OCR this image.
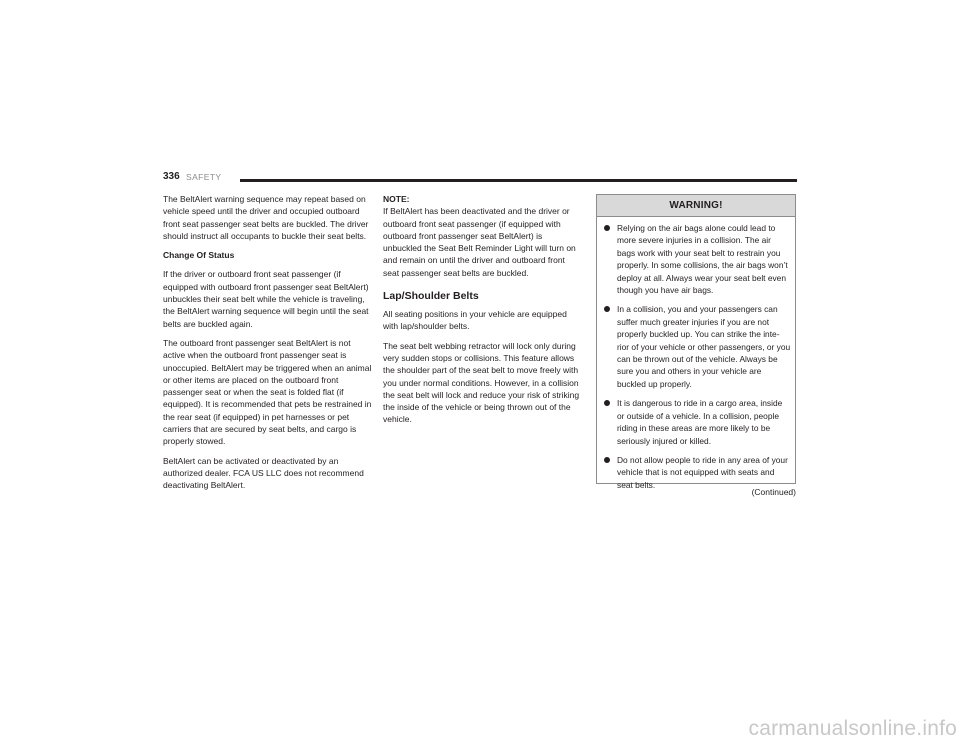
336 SAFETY

The BeltAlert warning sequence may repeat based on vehicle speed until the driver and occupied outboard front seat passenger seat belts are buckled. The driver should instruct all occupants to buckle their seat belts.

Change Of Status

If the driver or outboard front seat passenger (if equipped with outboard front passenger seat BeltAlert) unbuckles their seat belt while the vehicle is traveling, the BeltAlert warning sequence will begin until the seat belts are buckled again.

The outboard front passenger seat BeltAlert is not active when the outboard front passenger seat is unoccupied. BeltAlert may be triggered when an animal or other items are placed on the outboard front passenger seat or when the seat is folded flat (if equipped). It is recommended that pets be restrained in the rear seat (if equipped) in pet harnesses or pet carriers that are secured by seat belts, and cargo is properly stowed.

BeltAlert can be activated or deactivated by an authorized dealer. FCA US LLC does not recommend deactivating BeltAlert.

NOTE:
If BeltAlert has been deactivated and the driver or outboard front seat passenger (if equipped with outboard front passenger seat BeltAlert) is unbuckled the Seat Belt Reminder Light will turn on and remain on until the driver and outboard front seat passenger seat belts are buckled.

Lap/Shoulder Belts

All seating positions in your vehicle are equipped with lap/shoulder belts.

The seat belt webbing retractor will lock only during very sudden stops or collisions. This feature allows the shoulder part of the seat belt to move freely with you under normal conditions. However, in a collision the seat belt will lock and reduce your risk of striking the inside of the vehicle or being thrown out of the vehicle.

WARNING!
Relying on the air bags alone could lead to more severe injuries in a collision. The air bags work with your seat belt to restrain you properly. In some collisions, the air bags won’t deploy at all. Always wear your seat belt even though you have air bags.
In a collision, you and your passengers can suffer much greater injuries if you are not properly buckled up. You can strike the inte-rior of your vehicle or other passengers, or you can be thrown out of the vehicle. Always be sure you and others in your vehicle are buckled up properly.
It is dangerous to ride in a cargo area, inside or outside of a vehicle. In a collision, people riding in these areas are more likely to be seriously injured or killed.
Do not allow people to ride in any area of your vehicle that is not equipped with seats and seat belts.
(Continued)
carmanualsonline.info
